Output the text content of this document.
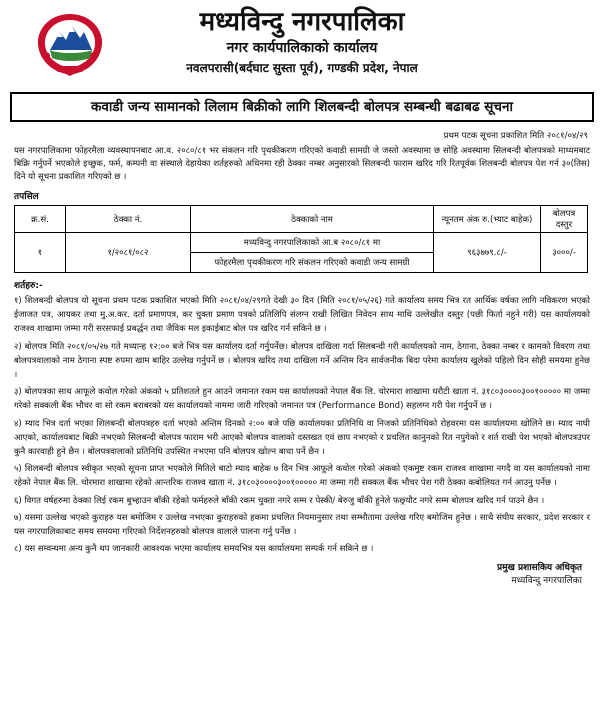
मध्यविन्दु नगरपालिका
नगर कार्यपालिकाको कार्यालय
नवलपरासी(बर्दघाट सुस्ता पूर्व), गण्डकी प्रदेश, नेपाल
कवाडी जन्य सामानको लिलाम बिक्रीको लागि शिलबन्दी बोलपत्र सम्बन्धी बढाबढ सूचना
प्रथम पटक सूचना प्रकाशित मिति २०८१/०४/२९
यस नगरपालिकामा फोहरमैला व्यवस्थापनबाट आ.व. २०८०/८१ भर संकलन गरि पृथकीकरण गरिएको कवाडी सामग्री जे जस्तो अवस्थामा छ सोहि अवस्थामा सिलबन्दी बोलपत्रको माध्यमबाट बिक्रि गर्नुपर्ने भएकोले इच्छुक, फर्म, कम्पनी वा संस्थाले देहायेका शर्तहरुको अधिनमा रही ठेक्का नम्बर अनुसारको सिलबन्दी फाराम खरिद गरि रितपूर्वक शिलबन्दी बोलपत्र पेश गर्न ३०(तिस) दिने यो सूचना प्रकाशित गरिएको छ ।
तपसिल
क्र.सं.	ठेक्का नं.	ठेक्काको नाम	न्यूनतम अंक रु.(भ्याट बाहेक)	बोलपत्र दस्तुर
१	१/२०८१/०८२	मध्यविन्दु नगरपालिकाको आ.ब २०८०/८१ मा	९६३७७९.८/-	३०००/-
		फोहरमैला पृथकीकरण गरि संकलन गरिएको कवाडी जन्य सामग्री		
शर्तहरु:-
१) शिलबन्दी बोलपत्र यो सूचना प्रथम पटक प्रकाशित भएको मिति २०८१/०४/२९गते देखी ३० दिन (मिति २०८१/०५/२६) गते कार्यालय समय भित्र रत आर्थिक वर्षका लागि नविकरण भएको ईजाजत पत्र, आयकर तथा मु.अ.कर. दर्ता प्रमाणपत्र, कर चुक्ता प्रमाण पत्रको प्रतिलिपि संलग्न राखी लिखित निवेदन साथ माथि उल्लेखीत दस्तुर (पछी फिर्ता नहुने गरी) यस कार्यालयको राजश्व शाखामा जम्मा गरी सरसफाई प्रबर्द्धन तथा जैविक मल इकाईबाट बोल पत्र खरिद गर्न सकिने छ ।
२) बोलपत्र मिति २०८१/०५/२७ गते मध्यान्ह १२:०० बजे भित्र यस कार्यालय दर्ता गर्नुपर्नेछ। बोलपत्र दाखिला गर्दा सिलबन्दी गरी कार्यालयको नाम, ठेगाना, ठेक्का नम्बर र कामको विवरण तथा बोलपत्रवालाको नाम ठेगाना स्पष्ट रुपमा खाम बाहिर उल्लेख गर्नुपर्ने छ । बोलपत्र खरिद तथा दाखिला गर्ने अन्तिम दिन सार्वजनीक बिदा परेमा कार्यालय खुलेको पहिलो दिन सोही समयमा हुनेछ ।
३) बोलपत्रका साथ आफूले कवोल गरेको अंकको ५ प्रतिशतले हुन आउने जमानत रकम यस कार्यालयको नेपाल बैंक लि. चोरमारा शाखामा धरौटी खाता नं. ३१८०३००००३००१००००० मा जम्मा गरेको सक्कली बैंक भौचर वा सो रकम बराबरको यस कार्यालयको नाममा जारी गरिएको जमानत पत्र (Performance Bond) सहलग्न गरी पेश गर्नुपर्ने छ ।
४) म्याद भित्र दर्ता भएका शिलबन्दी बोलपत्रहरु दर्ता भएको अन्तिम दिनको २:०० बजे पछि कार्यालयका प्रतिनिधि वा निजको प्रतिनिधिको रोहवरमा यस कार्यालयमा खोलिने छ। म्याद नाघी आएको, कार्यालयबाट बिक्री नभएको सिलबन्दी बोलपत्र फाराम भरी आएको बोलपत्र वालाको दस्तखत एवं छाप नभएको र प्रचलित कानुनको रित नपुगेको र शर्त राखी पेश भएको बोलपत्रउपर कुनै कारवाही हुने छैन । बोलपत्रवालाको प्रतिनिधि उपस्थित नभएमा पनि बोलपत्र खोल्न बाधा पर्ने छैन ।
५) शिलबन्दी बोलपत्र स्वीकृत भएको सूचना प्राप्त भएकोले मितिले बाटो म्याद बाहेक ७ दिन भित्र आफूले कवोल गरेको अंकको एकमुष्ट रकम राजश्व शाखामा नगदै वा यस कार्यालयको नामा रहेको नेपाल बैंक लि. चोरमारा शाखामा रहेको आन्तरिक राजश्व खाता नं. ३१८०३००००३००१००००० मा जम्मा गरी सक्कल बैंक भौचर पेश गरी ठेक्का कबोलियत गर्न आउनु पर्नेछ ।
६) विगत वर्षहरुमा ठेक्का लिई रकम बुभ्हाउन बाँकी रहेको फर्महरुले बाँकी रकम चुक्ता नगरे सम्म र पेस्की/ बेरुजु बाँकी हुनेले फछ्र्यौट नगरे सम्म बोलपत्र खरिद गर्न पाउने छैन ।
७) यसमा उल्लेख भएको कुराहरु यस बमोजिम र उल्लेख नभएका कुराहरुको हकमा प्रचलित नियमानुसार तथा सम्भौतामा उल्लेख गरिए बमोजिम हुनेछ । साथै संघीय सरकार, प्रदेश सरकार र यस नगरपालिकाबाट समय समयमा गरिएको निर्देशनहरुको बोलपत्र वालाले पालना गर्नु पर्नेछ ।
८) यस सम्वन्धमा अन्य कुनै थप जानकारी आवश्यक भएमा कार्यालय समयभित्र यस कार्यालयमा सम्पर्क गर्न सकिने छ ।
प्रमुख प्रशासकिय अधिकृत
मध्यविन्दु नगरपालिका
